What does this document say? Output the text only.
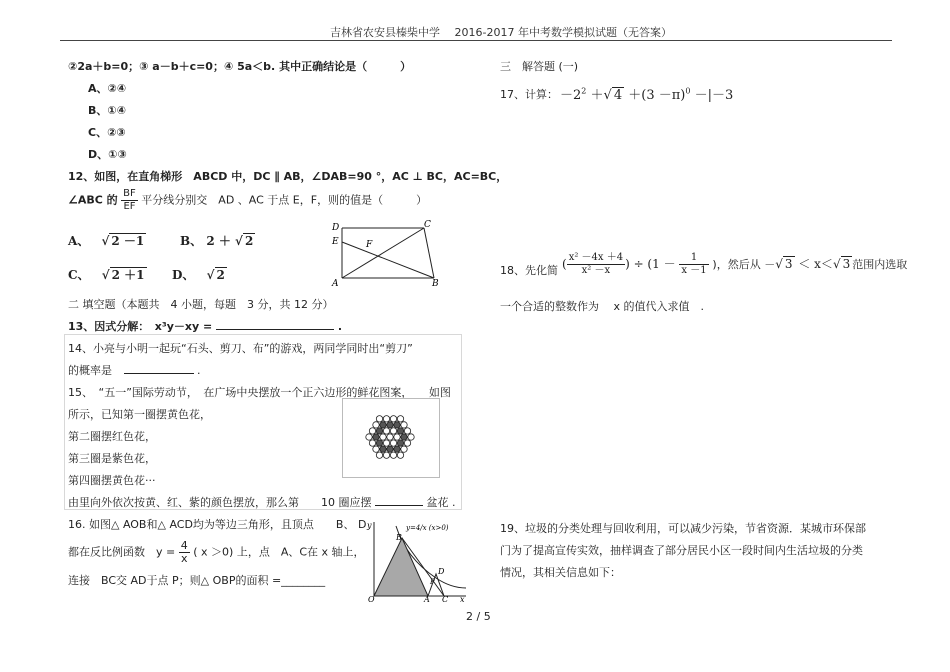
吉林省农安县榛柴中学　 2016-2017 年中考数学模拟试题（无答案）
②2a＋b=0；③ a－b＋c=0；④ 5a＜b. 其中正确结论是（　　　）
A、②④
B、①④
C、②③
D、①③
12、如图，在直角梯形　ABCD 中，DC ∥ AB，∠DAB=90 °，AC ⊥ BC，AC=BC，
∠ABC 的 $\frac{BF}{EF}$ 平分线分别交　AD 、AC 于点 E，F，则的值是（　　　）
A、 √ 2 －1	B、 2 ＋ √ 2
C、 √ 2 ＋1 D、 √ 2
D	C
E	F
A	B
二 填空题（本题共　4 小题，每题　3 分，共 12 分）
13、因式分解：　x³y－xy =	.
14、小亮与小明一起玩“石头、剪刀、布”的游戏，两同学同时出“剪刀”
的概率是	.
15、　“五一”国际劳动节，　在广场中央摆放一个正六边形的鲜花图案，　　如图
所示，已知第一圈摆黄色花，
第二圈摆红色花，
第三圈是紫色花，
第四圈摆黄色花···
由里向外依次按黄、红、紫的颜色摆放，那么第　　10 圈应摆	盆花 .
16. 如图△ AOB和△ ACD均为等边三角形，且顶点　　B、 D
都在反比例函数　$y = \frac{4}{x}$ ( x ＞0) 上，点　A、C在 x 轴上，
连接　BC交 AD于点 P；则△ OBP的面积 =________
y	y=4/x (x>0)
B
D
P
O	A C x
三　解答题 (一)
17、计算： $-2^2$ ＋√ $4 +(3 -\pi)^0 -|-3$
18、先化简 ( $\frac{\text{x² －4x ＋4}}{\text{x² －x}}$ ) ÷ ($1 - \frac{1}{x -1}$ )，然后从 －√ 3 ＜ x＜√ 3 范围内选取
一个合适的整数作为　 x 的值代入求值　.
19、垃圾的分类处理与回收利用，可以减少污染，节省资源．某城市环保部
门为了提高宣传实效，抽样调查了部分居民小区一段时间内生活垃圾的分类
情况，其相关信息如下：
2 / 5
